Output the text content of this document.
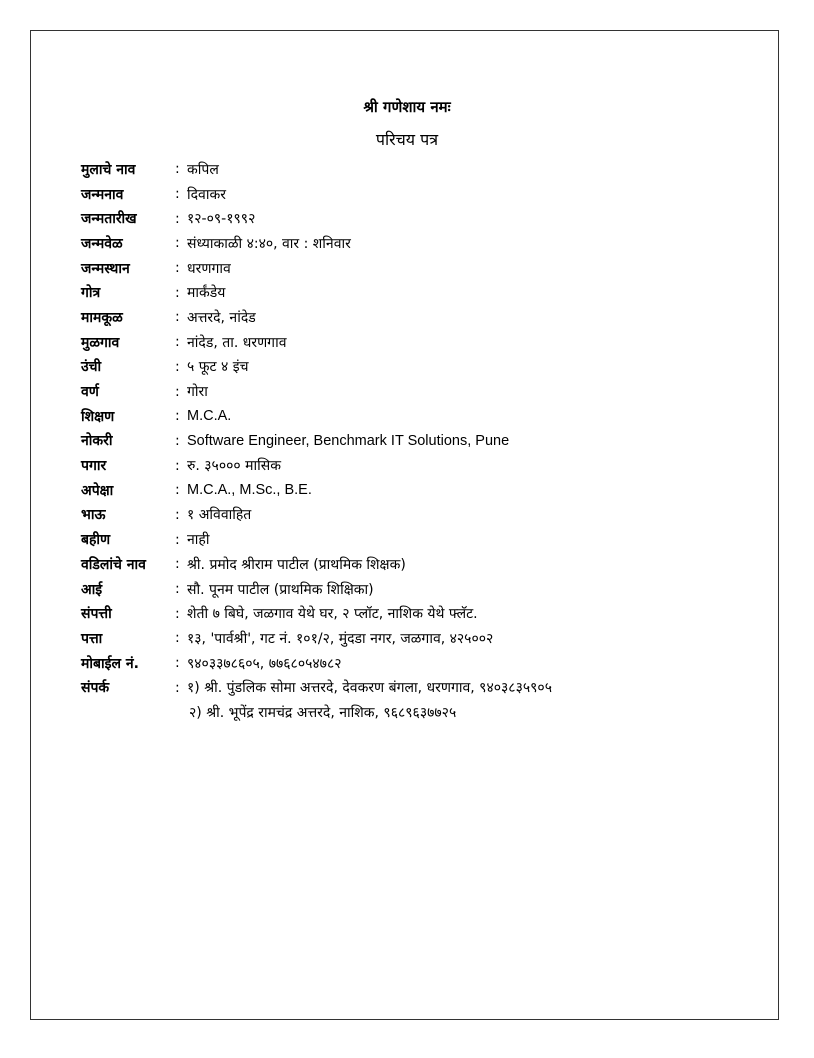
श्री गणेशाय नमः
परिचय पत्र
मुलाचे नाव	: कपिल
जन्मनाव	: दिवाकर
जन्मतारीख	: १२-०९-१९९२
जन्मवेळ	: संध्याकाळी ४:४०, वार : शनिवार
जन्मस्थान	: धरणगाव
गोत्र	: मार्कंडेय
मामकूळ	: अत्तरदे, नांदेड
मुळगाव	: नांदेड, ता. धरणगाव
उंची	: ५ फूट ४ इंच
वर्ण	: गोरा
शिक्षण	: M.C.A.
नोकरी	: Software Engineer, Benchmark IT Solutions, Pune
पगार	: रु. ३५००० मासिक
अपेक्षा	: M.C.A., M.Sc., B.E.
भाऊ	: १ अविवाहित
बहीण	: नाही
वडिलांचे नाव	: श्री. प्रमोद श्रीराम पाटील (प्राथमिक शिक्षक)
आई	: सौ. पूनम पाटील (प्राथमिक शिक्षिका)
संपत्ती	: शेती ७ बिघे, जळगाव येथे घर, २ प्लॉट, नाशिक येथे फ्लॅट.
पत्ता	: १३, 'पार्वश्री', गट नं. १०१/२, मुंदडा नगर, जळगाव, ४२५००२
मोबाईल नं.	: ९४०३३७८६०५, ७७६८०५४७८२
संपर्क	: १) श्री. पुंडलिक सोमा अत्तरदे, देवकरण बंगला, धरणगाव, ९४०३८३५९०५
२) श्री. भूपेंद्र रामचंद्र अत्तरदे, नाशिक, ९६८९६३७७२५
